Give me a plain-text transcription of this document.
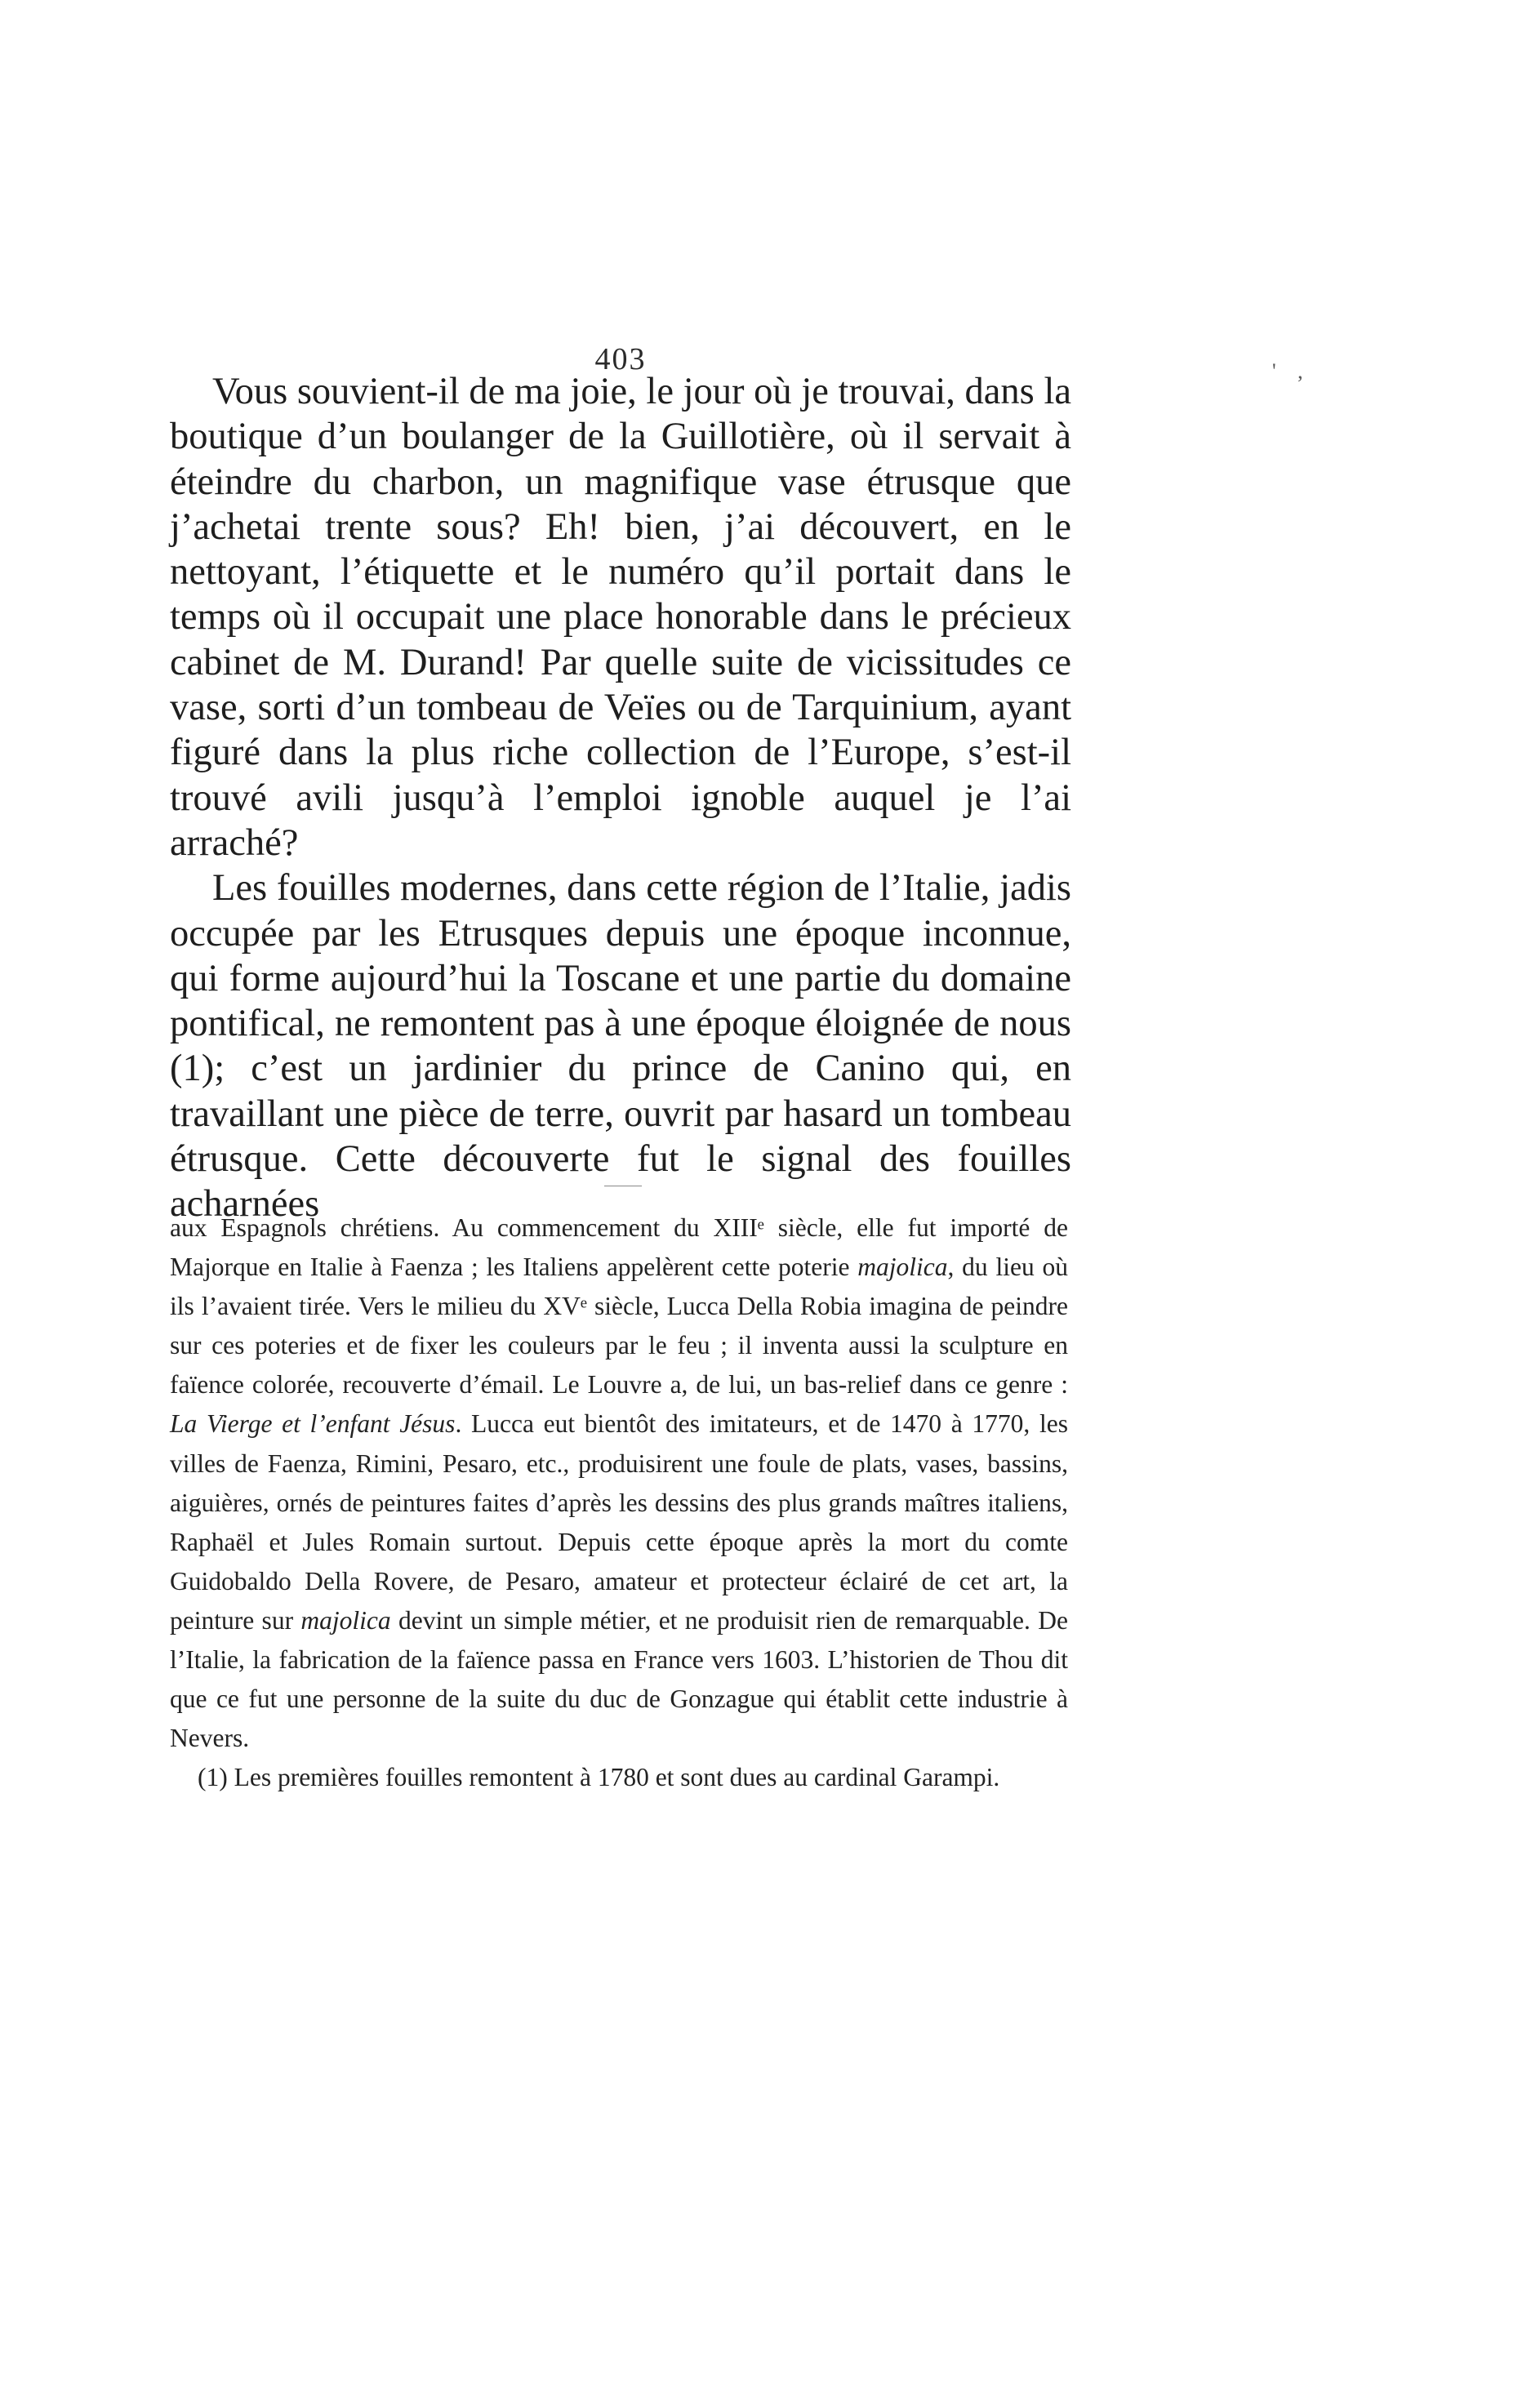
403	' ,

Vous souvient-il de ma joie, le jour où je trouvai, dans la boutique d’un boulanger de la Guillotière, où il servait à éteindre du charbon, un magnifique vase étrusque que j’achetai trente sous? Eh! bien, j’ai découvert, en le nettoyant, l’étiquette et le numéro qu’il portait dans le temps où il occupait une place honorable dans le précieux cabinet de M. Durand! Par quelle suite de vicissitudes ce vase, sorti d’un tombeau de Veïes ou de Tarquinium, ayant figuré dans la plus riche collection de l’Europe, s’est-il trouvé avili jusqu’à l’emploi ignoble auquel je l’ai arraché?

Les fouilles modernes, dans cette région de l’Italie, jadis occupée par les Etrusques depuis une époque inconnue, qui forme aujourd’hui la Toscane et une partie du domaine pontifical, ne remontent pas à une époque éloignée de nous (1); c’est un jardinier du prince de Canino qui, en travaillant une pièce de terre, ouvrit par hasard un tombeau étrusque. Cette découverte fut le signal des fouilles acharnées

aux Espagnols chrétiens. Au commencement du XIIIᵉ siècle, elle fut importé de Majorque en Italie à Faenza ; les Italiens appelèrent cette poterie majolica, du lieu où ils l’avaient tirée. Vers le milieu du XVᵉ siècle, Lucca Della Robia imagina de peindre sur ces poteries et de fixer les couleurs par le feu ; il inventa aussi la sculpture en faïence colorée, recouverte d’émail. Le Louvre a, de lui, un bas-relief dans ce genre : La Vierge et l’enfant Jésus. Lucca eut bientôt des imitateurs, et de 1470 à 1770, les villes de Faenza, Rimini, Pesaro, etc., produisirent une foule de plats, vases, bassins, aiguières, ornés de peintures faites d’après les dessins des plus grands maîtres italiens, Raphaël et Jules Romain surtout. Depuis cette époque après la mort du comte Guidobaldo Della Rovere, de Pesaro, amateur et protecteur éclairé de cet art, la peinture sur majolica devint un simple métier, et ne produisit rien de remarquable. De l’Italie, la fabrication de la faïence passa en France vers 1603. L’historien de Thou dit que ce fut une personne de la suite du duc de Gonzague qui établit cette industrie à Nevers.

(1) Les premières fouilles remontent à 1780 et sont dues au cardinal Garampi.
